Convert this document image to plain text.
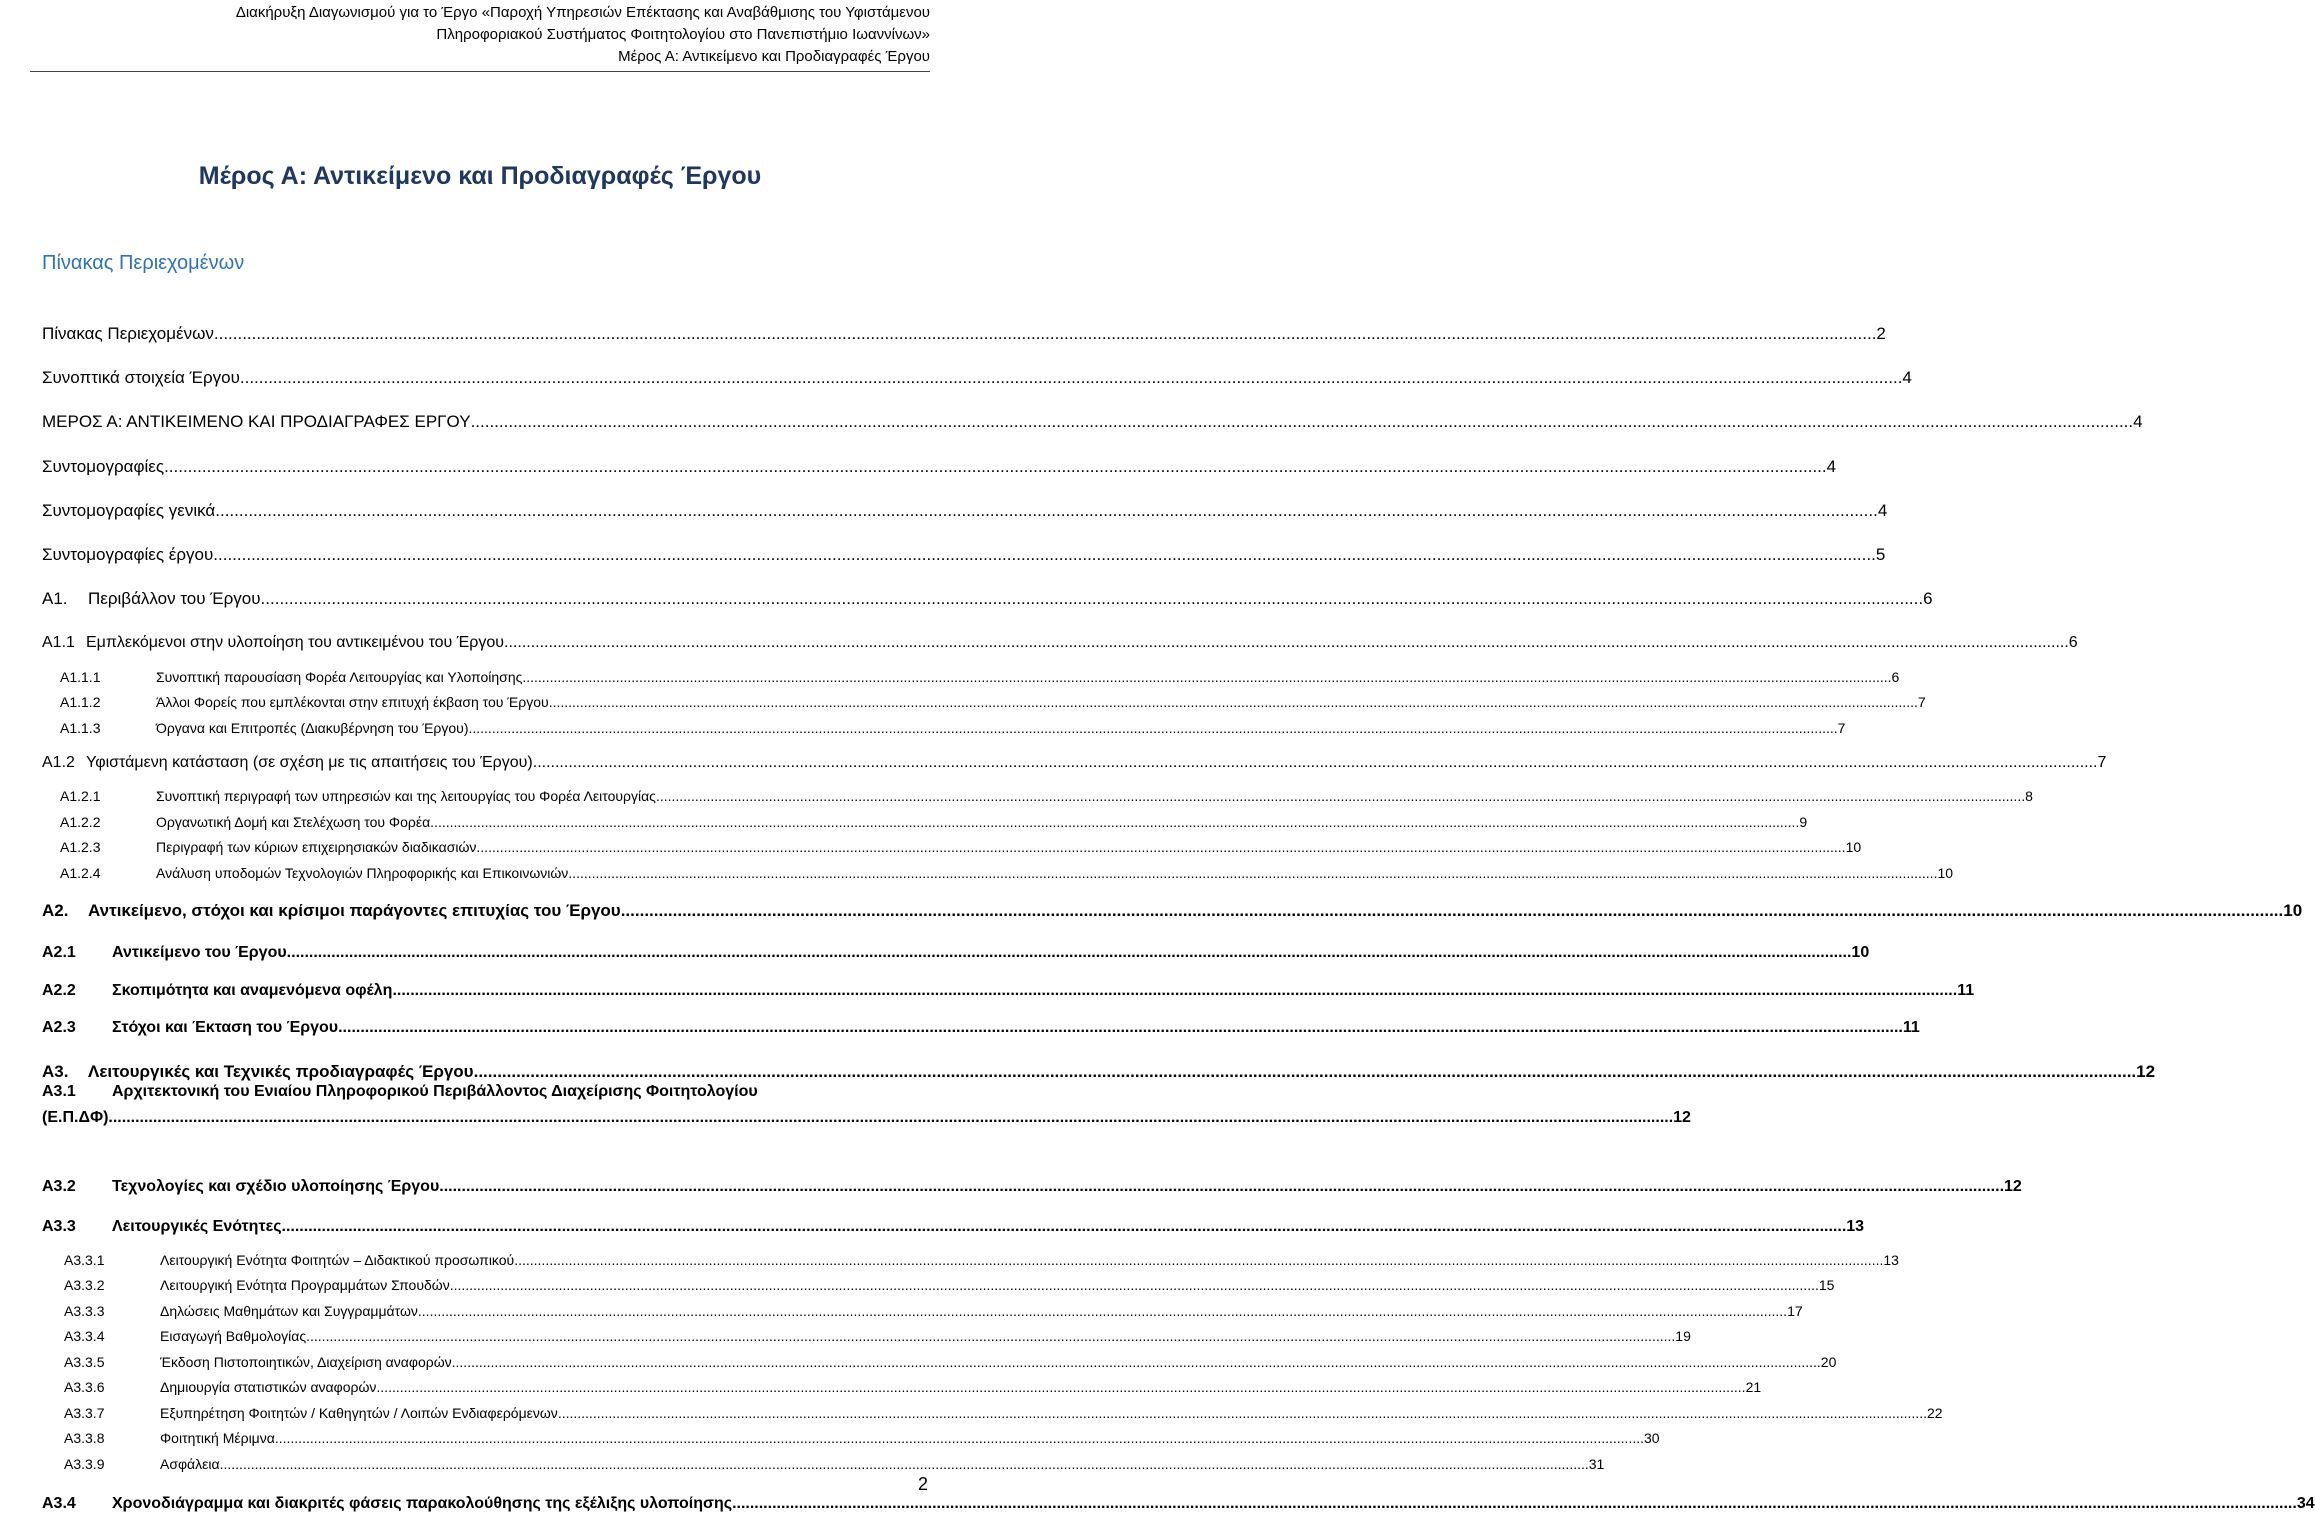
Διακήρυξη Διαγωνισμού για το Έργο «Παροχή Υπηρεσιών Επέκτασης και Αναβάθμισης του Υφιστάμενου
Πληροφοριακού Συστήματος Φοιτητολογίου στο Πανεπιστήμιο Ιωαννίνων»
Μέρος Α: Αντικείμενο και Προδιαγραφές Έργου
Μέρος Α: Αντικείμενο και Προδιαγραφές Έργου
Πίνακας Περιεχομένων
Πίνακας Περιεχομένων .....	2
Συνοπτικά στοιχεία Έργου .....	4
ΜΕΡΟΣ Α: ΑΝΤΙΚΕΙΜΕΝΟ ΚΑΙ ΠΡΟΔΙΑΓΡΑΦΕΣ ΕΡΓΟΥ .....	4
Συντομογραφίες .....	4
Συντομογραφίες γενικά .....	4
Συντομογραφίες έργου .....	5
Α1.	Περιβάλλον του Έργου .....	6
Α1.1 Εμπλεκόμενοι στην υλοποίηση του αντικειμένου του Έργου .....	6
Α1.1.1	Συνοπτική παρουσίαση Φορέα Λειτουργίας και Υλοποίησης .....	6
Α1.1.2	Άλλοι Φορείς που εμπλέκονται στην επιτυχή έκβαση του Έργου .....	7
Α1.1.3	Όργανα και Επιτροπές (Διακυβέρνηση του Έργου) .....	7
Α1.2 Υφιστάμενη κατάσταση (σε σχέση με τις απαιτήσεις του Έργου) .....	7
Α1.2.1	Συνοπτική περιγραφή των υπηρεσιών και της λειτουργίας του Φορέα Λειτουργίας .....	8
Α1.2.2	Οργανωτική Δομή και Στελέχωση του Φορέα .....	9
Α1.2.3	Περιγραφή των κύριων επιχειρησιακών διαδικασιών .....	10
Α1.2.4	Ανάλυση υποδομών Τεχνολογιών Πληροφορικής και Επικοινωνιών .....	10
Α2.	Αντικείμενο, στόχοι και κρίσιμοι παράγοντες επιτυχίας του Έργου .....	10
Α2.1	Αντικείμενο του Έργου .....	10
Α2.2	Σκοπιμότητα και αναμενόμενα οφέλη .....	11
Α2.3	Στόχοι και Έκταση του Έργου .....	11
Α3.	Λειτουργικές και Τεχνικές προδιαγραφές Έργου .....	12
Α3.1 Αρχιτεκτονική του Ενιαίου Πληροφορικού Περιβάλλοντος Διαχείρισης Φοιτητολογίου
(Ε.Π.ΔΦ) .....	12
Α3.2	Τεχνολογίες και σχέδιο υλοποίησης Έργου .....	12
Α3.3	Λειτουργικές Ενότητες .....	13
Α3.3.1	Λειτουργική Ενότητα Φοιτητών – Διδακτικού προσωπικού .....	13
Α3.3.2	Λειτουργική Ενότητα Προγραμμάτων Σπουδών .....	15
Α3.3.3	Δηλώσεις Μαθημάτων και Συγγραμμάτων .....	17
Α3.3.4	Εισαγωγή Βαθμολογίας .....	19
Α3.3.5	Έκδοση Πιστοποιητικών, Διαχείριση αναφορών .....	20
Α3.3.6	Δημιουργία στατιστικών αναφορών .....	21
Α3.3.7	Εξυπηρέτηση Φοιτητών / Καθηγητών / Λοιπών Ενδιαφερόμενων .....	22
Α3.3.8	Φοιτητική Μέριμνα .....	30
Α3.3.9	Ασφάλεια .....	31
Α3.4	Χρονοδιάγραμμα και διακριτές φάσεις παρακολούθησης της εξέλιξης υλοποίησης .....	34
2
